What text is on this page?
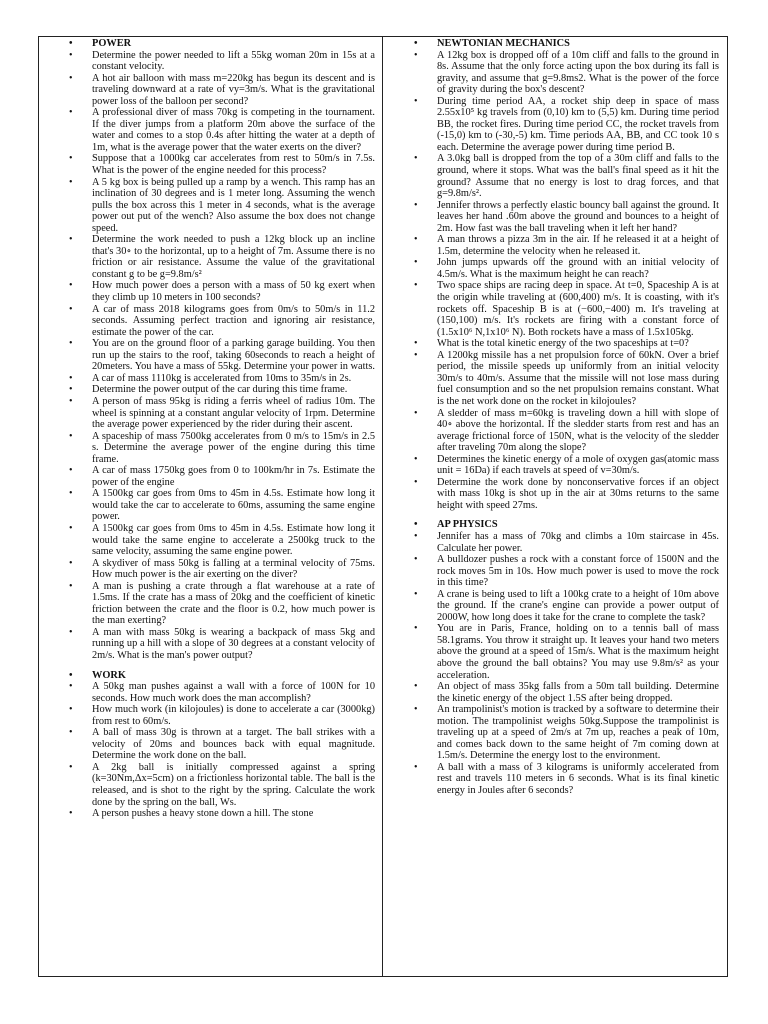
• POWER
• Determine the power needed to lift a 55kg woman 20m in 15s at a constant velocity.
• A hot air balloon with mass m=220kg has begun its descent and is traveling downward at a rate of vy=3m/s. What is the gravitational power loss of the balloon per second?
• A professional diver of mass 70kg is competing in the tournament. If the diver jumps from a platform 20m above the surface of the water and comes to a stop 0.4s after hitting the water at a depth of 1m, what is the average power that the water exerts on the diver?
• Suppose that a 1000kg car accelerates from rest to 50m/s in 7.5s. What is the power of the engine needed for this process?
• A 5 kg box is being pulled up a ramp by a wench. This ramp has an inclination of 30 degrees and is 1 meter long. Assuming the wench pulls the box across this 1 meter in 4 seconds, what is the average power out put of the wench? Also assume the box does not change speed.
• Determine the work needed to push a 12kg block up an incline that's 30∘ to the horizontal, up to a height of 7m. Assume there is no friction or air resistance. Assume the value of the gravitational constant g to be g=9.8m/s²
• How much power does a person with a mass of 50 kg exert when they climb up 10 meters in 100 seconds?
• A car of mass 2018 kilograms goes from 0m/s to 50m/s in 11.2 seconds. Assuming perfect traction and ignoring air resistance, estimate the power of the car.
• You are on the ground floor of a parking garage building. You then run up the stairs to the roof, taking 60seconds to reach a height of 20meters. You have a mass of 55kg. Determine your power in watts.
• A car of mass 1110kg is accelerated from 10ms to 35m/s in 2s.
• Determine the power output of the car during this time frame.
• A person of mass 95kg is riding a ferris wheel of radius 10m. The wheel is spinning at a constant angular velocity of 1rpm. Determine the average power experienced by the rider during their ascent.
• A spaceship of mass 7500kg accelerates from 0 m/s to 15m/s in 2.5 s. Determine the average power of the engine during this time frame.
• A car of mass 1750kg goes from 0 to 100km/hr in 7s. Estimate the power of the engine
• A 1500kg car goes from 0ms to 45m in 4.5s. Estimate how long it would take the car to accelerate to 60ms, assuming the same engine power.
• A 1500kg car goes from 0ms to 45m in 4.5s. Estimate how long it would take the same engine to accelerate a 2500kg truck to the same velocity, assuming the same engine power.
• A skydiver of mass 50kg is falling at a terminal velocity of 75ms. How much power is the air exerting on the diver?
• A man is pushing a crate through a flat warehouse at a rate of 1.5ms. If the crate has a mass of 20kg and the coefficient of kinetic friction between the crate and the floor is 0.2, how much power is the man exerting?
• A man with mass 50kg is wearing a backpack of mass 5kg and running up a hill with a slope of 30 degrees at a constant velocity of 2m/s. What is the man's power output?
• WORK
• A 50kg man pushes against a wall with a force of 100N for 10 seconds. How much work does the man accomplish?
• How much work (in kilojoules) is done to accelerate a car (3000kg) from rest to 60m/s.
• A ball of mass 30g is thrown at a target. The ball strikes with a velocity of 20ms and bounces back with equal magnitude. Determine the work done on the ball.
• A 2kg ball is initially compressed against a spring (k=30Nm,Δx=5cm) on a frictionless horizontal table. The ball is the released, and is shot to the right by the spring. Calculate the work done by the spring on the ball, Ws.
• A person pushes a heavy stone down a hill. The stone
• NEWTONIAN MECHANICS
• A 12kg box is dropped off of a 10m cliff and falls to the ground in 8s. Assume that the only force acting upon the box during its fall is gravity, and assume that g=9.8ms2. What is the power of the force of gravity during the box's descent?
• During time period AA, a rocket ship deep in space of mass 2.55x10⁵ kg travels from (0,10) km to (5,5) km. During time period BB, the rocket fires. During time period CC, the rocket travels from (-15,0) km to (-30,-5) km. Time periods AA, BB, and CC took 10 s each. Determine the average power during time period B.
• A 3.0kg ball is dropped from the top of a 30m cliff and falls to the ground, where it stops. What was the ball's final speed as it hit the ground? Assume that no energy is lost to drag forces, and that g=9.8m/s².
• Jennifer throws a perfectly elastic bouncy ball against the ground. It leaves her hand .60m above the ground and bounces to a height of 2m. How fast was the ball traveling when it left her hand?
• A man throws a pizza 3m in the air. If he released it at a height of 1.5m, determine the velocity when he released it.
• John jumps upwards off the ground with an initial velocity of 4.5m/s. What is the maximum height he can reach?
• Two space ships are racing deep in space. At t=0, Spaceship A is at the origin while traveling at (600,400) m/s. It is coasting, with it's rockets off. Spaceship B is at (−600,−400) m. It's traveling at (150,100) m/s. It's rockets are firing with a constant force of (1.5x10⁶ N,1x10⁶ N). Both rockets have a mass of 1.5x105kg.
• What is the total kinetic energy of the two spaceships at t=0?
• A 1200kg missile has a net propulsion force of 60kN. Over a brief period, the missile speeds up uniformly from an initial velocity 30m/s to 40m/s. Assume that the missile will not lose mass during fuel consumption and so the net propulsion remains constant. What is the net work done on the rocket in kilojoules?
• A sledder of mass m=60kg is traveling down a hill with slope of 40∘ above the horizontal. If the sledder starts from rest and has an average frictional force of 150N, what is the velocity of the sledder after traveling 70m along the slope?
• Determines the kinetic energy of a mole of oxygen gas(atomic mass unit = 16Da) if each travels at speed of v=30m/s.
• Determine the work done by nonconservative forces if an object with mass 10kg is shot up in the air at 30ms returns to the same height with speed 27ms.
• AP PHYSICS
• Jennifer has a mass of 70kg and climbs a 10m staircase in 45s. Calculate her power.
• A bulldozer pushes a rock with a constant force of 1500N and the rock moves 5m in 10s. How much power is used to move the rock in this time?
• A crane is being used to lift a 100kg crate to a height of 10m above the ground. If the crane's engine can provide a power output of 2000W, how long does it take for the crane to complete the task?
• You are in Paris, France, holding on to a tennis ball of mass 58.1grams. You throw it straight up. It leaves your hand two meters above the ground at a speed of 15m/s. What is the maximum height above the ground the ball obtains? You may use 9.8m/s² as your acceleration.
• An object of mass 35kg falls from a 50m tall building. Determine the kinetic energy of the object 1.5S after being dropped.
• An trampolinist's motion is tracked by a software to determine their motion. The trampolinist weighs 50kg.Suppose the trampolinist is traveling up at a speed of 2m/s at 7m up, reaches a peak of 10m, and comes back down to the same height of 7m coming down at 1.5m/s. Determine the energy lost to the environment.
• A ball with a mass of 3 kilograms is uniformly accelerated from rest and travels 110 meters in 6 seconds. What is its final kinetic energy in Joules after 6 seconds?
